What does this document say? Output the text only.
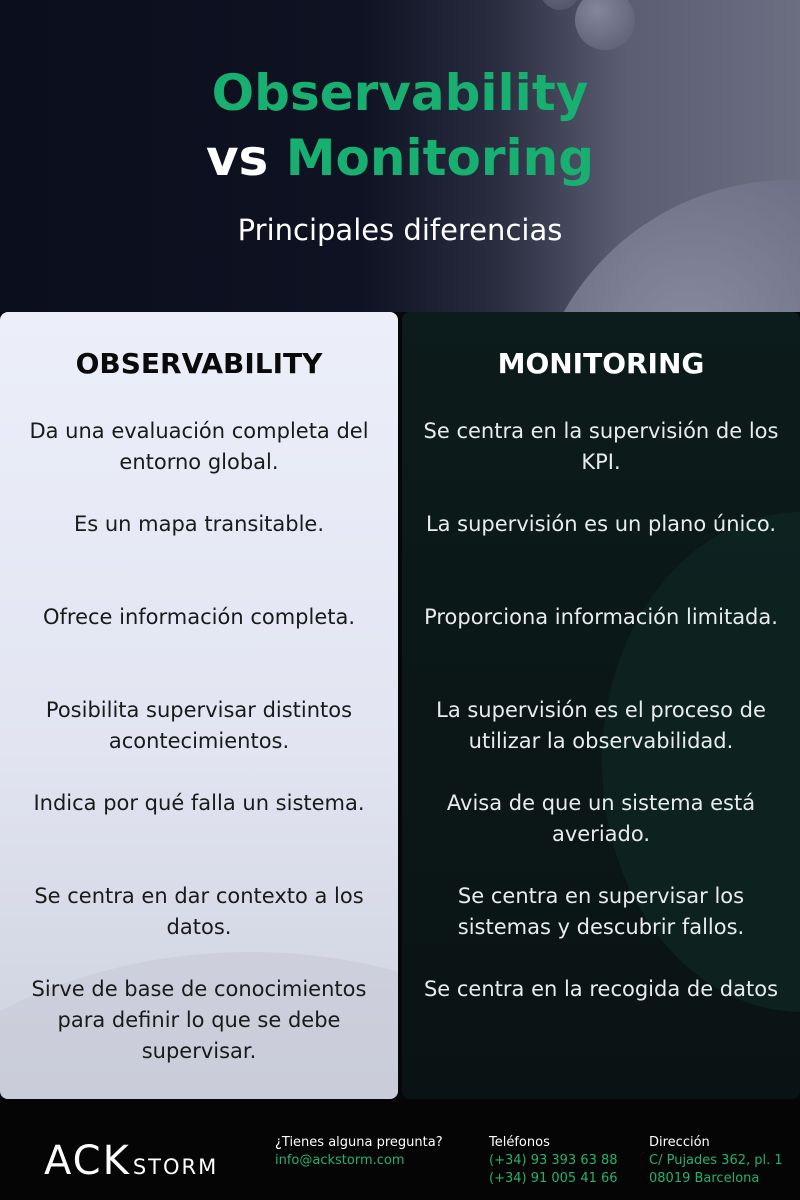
Observability
vs Monitoring
Principales diferencias
OBSERVABILITY

Da una evaluación completa del entorno global.

Es un mapa transitable.

Ofrece información completa.

Posibilita supervisar distintos acontecimientos.

Indica por qué falla un sistema.

Se centra en dar contexto a los datos.

Sirve de base de conocimientos para definir lo que se debe supervisar.

MONITORING

Se centra en la supervisión de los KPI.

La supervisión es un plano único.

Proporciona información limitada.

La supervisión es el proceso de utilizar la observabilidad.

Avisa de que un sistema está averiado.

Se centra en supervisar los sistemas y descubrir fallos.

Se centra en la recogida de datos

ACKSTORM
¿Tienes alguna pregunta?
info@ackstorm.com
Teléfonos
(+34) 93 393 63 88
(+34) 91 005 41 66
Dirección
C/ Pujades 362, pl. 1
08019 Barcelona
